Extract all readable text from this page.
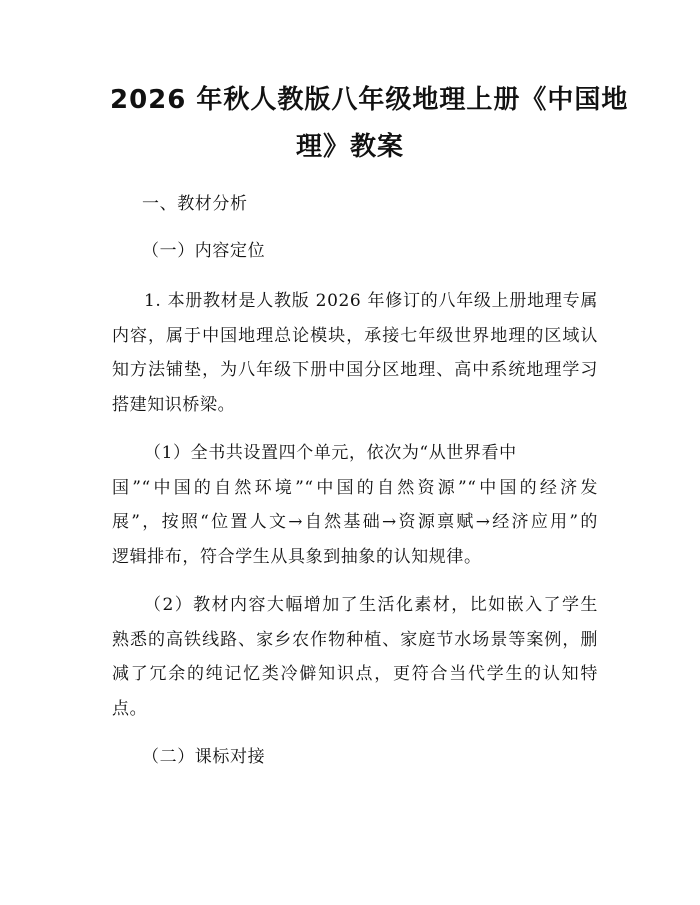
2026 年秋人教版八年级地理上册《中国地
理》教案
一、教材分析
（一）内容定位
1. 本册教材是人教版 2026 年修订的八年级上册地理专属
内容，属于中国地理总论模块，承接七年级世界地理的区域认
知方法铺垫，为八年级下册中国分区地理、高中系统地理学习
搭建知识桥梁。
（1）全书共设置四个单元，依次为“从世界看中
国”“中国的自然环境”“中国的自然资源”“中国的经济发
展”，按照“位置人文→自然基础→资源禀赋→经济应用”的
逻辑排布，符合学生从具象到抽象的认知规律。
（2）教材内容大幅增加了生活化素材，比如嵌入了学生
熟悉的高铁线路、家乡农作物种植、家庭节水场景等案例，删
减了冗余的纯记忆类冷僻知识点，更符合当代学生的认知特
点。
（二）课标对接
